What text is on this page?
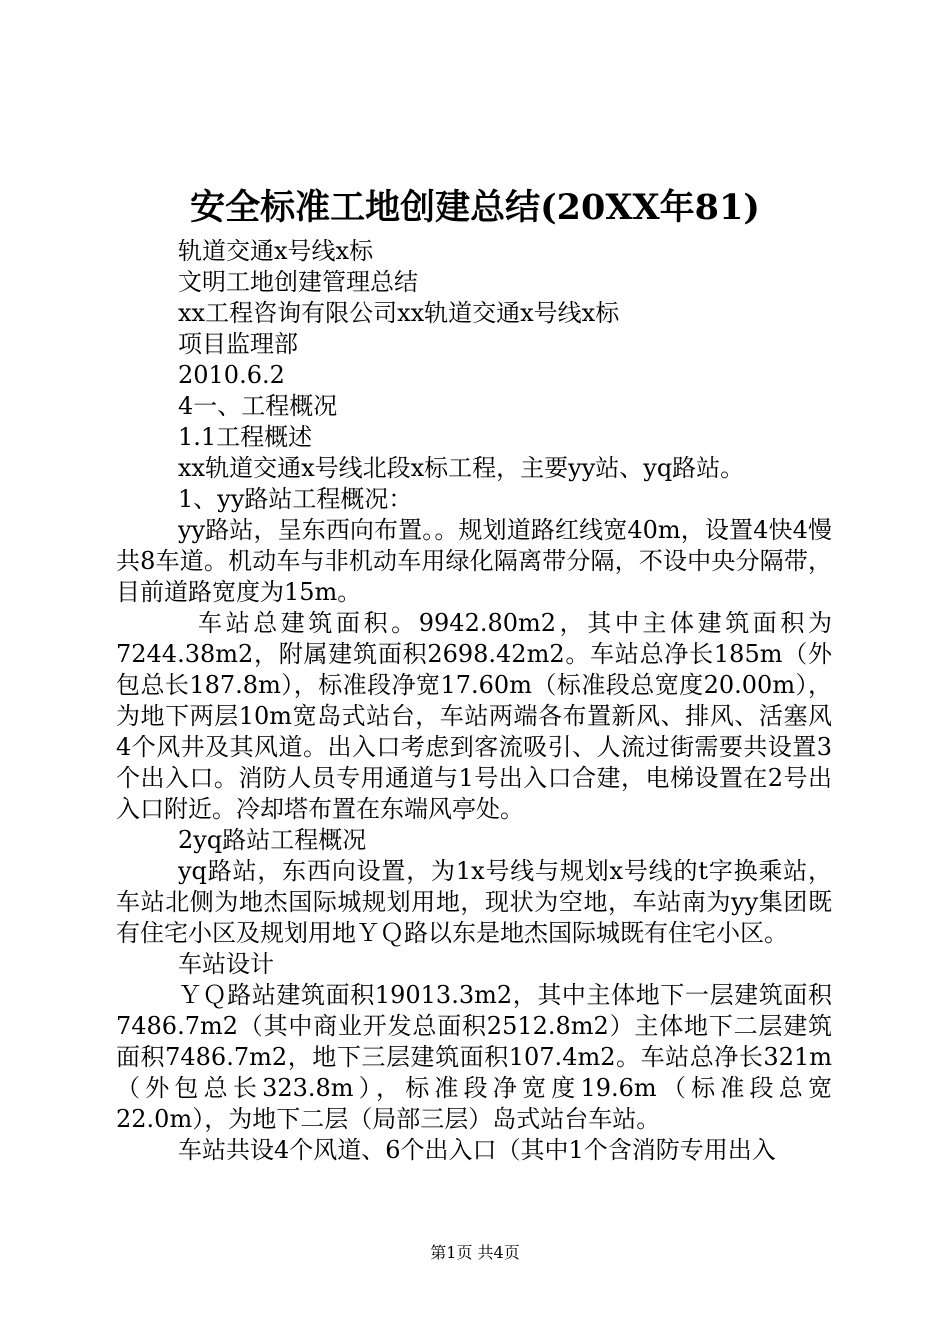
安全标准工地创建总结(20XX年81)

轨道交通x号线x标

文明工地创建管理总结

xx工程咨询有限公司xx轨道交通x号线x标

项目监理部

2010.6.2

4一、工程概况

1.1工程概述

xx轨道交通x号线北段x标工程，主要yy站、yq路站。

1、yy路站工程概况：

yy路站，呈东西向布置。。规划道路红线宽40m，设置4快4慢共8车道。机动车与非机动车用绿化隔离带分隔，不设中央分隔带，目前道路宽度为15m。

车站总建筑面积。9942.80m2，其中主体建筑面积为7244.38m2，附属建筑面积2698.42m2。车站总净长185m（外包总长187.8m），标准段净宽17.60m（标准段总宽度20.00m），为地下两层10m宽岛式站台，车站两端各布置新风、排风、活塞风4个风井及其风道。出入口考虑到客流吸引、人流过街需要共设置3个出入口。消防人员专用通道与1号出入口合建，电梯设置在2号出入口附近。冷却塔布置在东端风亭处。

2yq路站工程概况

yq路站，东西向设置，为1x号线与规划x号线的t字换乘站，车站北侧为地杰国际城规划用地，现状为空地，车站南为yy集团既有住宅小区及规划用地ＹＱ路以东是地杰国际城既有住宅小区。

车站设计

ＹＱ路站建筑面积19013.3m2，其中主体地下一层建筑面积7486.7m2（其中商业开发总面积2512.8m2）主体地下二层建筑面积7486.7m2，地下三层建筑面积107.4m2。车站总净长321m（外包总长323.8m），标准段净宽度19.6m（标准段总宽22.0m），为地下二层（局部三层）岛式站台车站。

车站共设4个风道、6个出入口（其中1个含消防专用出入

第1页 共4页
